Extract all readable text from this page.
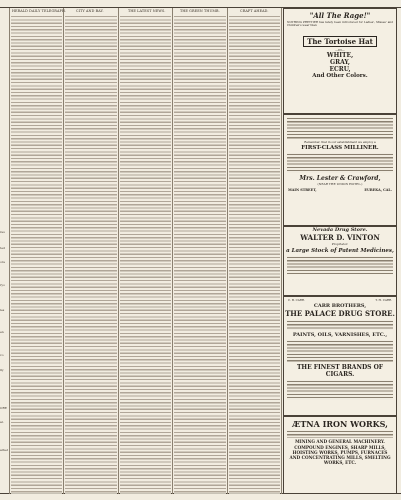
res
ted
ore
ryo
les
en
vo
lly
ORE
al.
arket
HERALD DAILY TELEGRAPH.	CITY AND BAY.	THE LATEST NEWS.	THE GREEN THUMB.	CRAFT AHEAD.	"All The Rage!"
NOTHING PRETTIER has lately been introduced for Ladies', Misses' and Children's wear than
The Tortoise Hat
—IN—
WHITE,
GRAY,
ECRU,
And Other Colors.
Remember, that in our establishment we employ a
FIRST-CLASS MILLINER.
Mrs. Lester & Crawford,
(NEAR THE UNION HOTEL.)
MAIN STREET,	EUREKA, CAL.
Nevada Drug Store.
WALTER D. VINTON
Proprietor.
a Large Stock of Patent Medicines,
C. B. CARR.	T. H. CARR.
CARR BROTHERS,
THE PALACE DRUG STORE.
PAINTS, OILS, VARNISHES, ETC.,
THE FINEST BRANDS OF CIGARS.
ÆTNA IRON WORKS,
MINING AND GENERAL MACHINERY.
COMPOUND ENGINES, SHARP MILLS, HOISTING WORKS, PUMPS, FURNACES AND CONCENTRATING MILLS, SMELTING WORKS, ETC.
